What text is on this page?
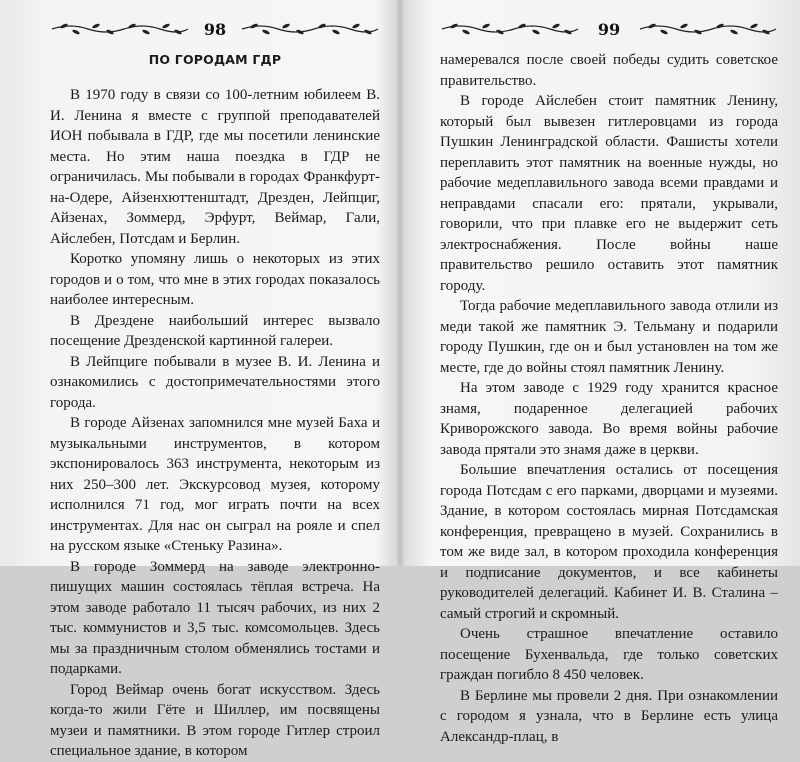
98
ПО ГОРОДАМ ГДР

В 1970 году в связи со 100-летним юбилеем В. И. Ленина я вместе с группой преподавателей ИОН побывала в ГДР, где мы посетили ленинские места. Но этим наша поездка в ГДР не ограничилась. Мы побывали в городах Франкфурт-на-Одере, Айзенхюттенштадт, Дрезден, Лейпциг, Айзенах, Зоммерд, Эрфурт, Веймар, Гали, Айслебен, Потсдам и Берлин.

Коротко упомяну лишь о некоторых из этих городов и о том, что мне в этих городах показалось наиболее интересным.

В Дрездене наибольший интерес вызвало посещение Дрезденской картинной галереи.

В Лейпциге побывали в музее В. И. Ленина и ознакомились с достопримечательностями этого города.

В городе Айзенах запомнился мне музей Баха и музыкальными инструментов, в котором экспонировалось 363 инструмента, некоторым из них 250–300 лет. Экскурсовод музея, которому исполнился 71 год, мог играть почти на всех инструментах. Для нас он сыграл на рояле и спел на русском языке «Стеньку Разина».

В городе Зоммерд на заводе электронно-пишущих машин состоялась тёплая встреча. На этом заводе работало 11 тысяч рабочих, из них 2 тыс. коммунистов и 3,5 тыс. комсомольцев. Здесь мы за праздничным столом обменялись тостами и подарками.

Город Веймар очень богат искусством. Здесь когда-то жили Гёте и Шиллер, им посвящены музеи и памятники. В этом городе Гитлер строил специальное здание, в котором

99

намеревался после своей победы судить советское правительство.

В городе Айслебен стоит памятник Ленину, который был вывезен гитлеровцами из города Пушкин Ленинградской области. Фашисты хотели переплавить этот памятник на военные нужды, но рабочие медеплавильного завода всеми правдами и неправдами спасали его: прятали, укрывали, говорили, что при плавке его не выдержит сеть электроснабжения. После войны наше правительство решило оставить этот памятник городу.

Тогда рабочие медеплавильного завода отлили из меди такой же памятник Э. Тельману и подарили городу Пушкин, где он и был установлен на том же месте, где до войны стоял памятник Ленину.

На этом заводе с 1929 году хранится красное знамя, подаренное делегацией рабочих Криворожского завода. Во время войны рабочие завода прятали это знамя даже в церкви.

Большие впечатления остались от посещения города Потсдам с его парками, дворцами и музеями. Здание, в котором состоялась мирная Потсдамская конференция, превращено в музей. Сохранились в том же виде зал, в котором проходила конференция и подписание документов, и все кабинеты руководителей делегаций. Кабинет И. В. Сталина – самый строгий и скромный.

Очень страшное впечатление оставило посещение Бухенвальда, где только советских граждан погибло 8 450 человек.

В Берлине мы провели 2 дня. При ознакомлении с городом я узнала, что в Берлине есть улица Александр-плац, в
